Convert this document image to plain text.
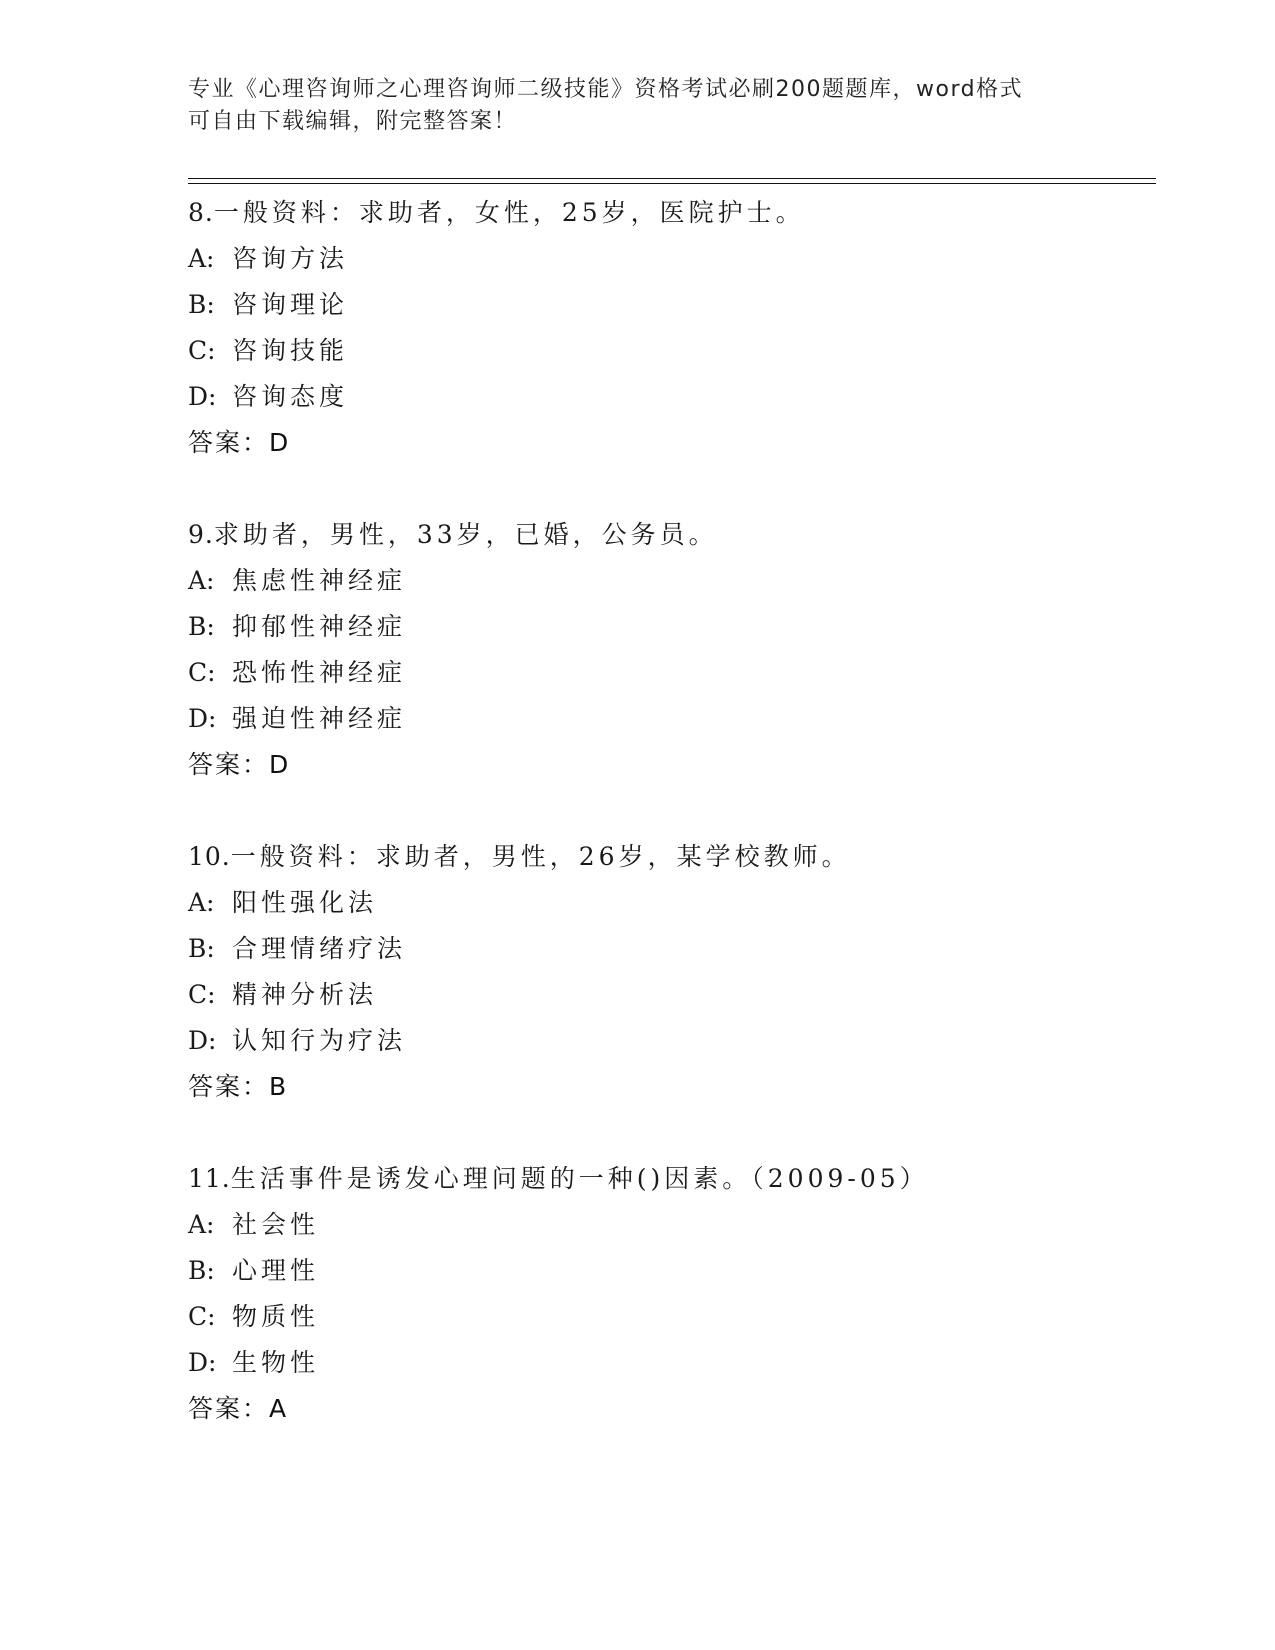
专业《心理咨询师之心理咨询师二级技能》资格考试必刷200题题库，word格式
可自由下载编辑，附完整答案！
8.一般资料：求助者，女性，25岁，医院护士。
A: 咨询方法
B: 咨询理论
C: 咨询技能
D: 咨询态度
答案：D
9.求助者，男性，33岁，已婚，公务员。
A: 焦虑性神经症
B: 抑郁性神经症
C: 恐怖性神经症
D: 强迫性神经症
答案：D
10.一般资料：求助者，男性，26岁，某学校教师。
A: 阳性强化法
B: 合理情绪疗法
C: 精神分析法
D: 认知行为疗法
答案：B
11.生活事件是诱发心理问题的一种()因素。（2009-05）
A: 社会性
B: 心理性
C: 物质性
D: 生物性
答案：A
